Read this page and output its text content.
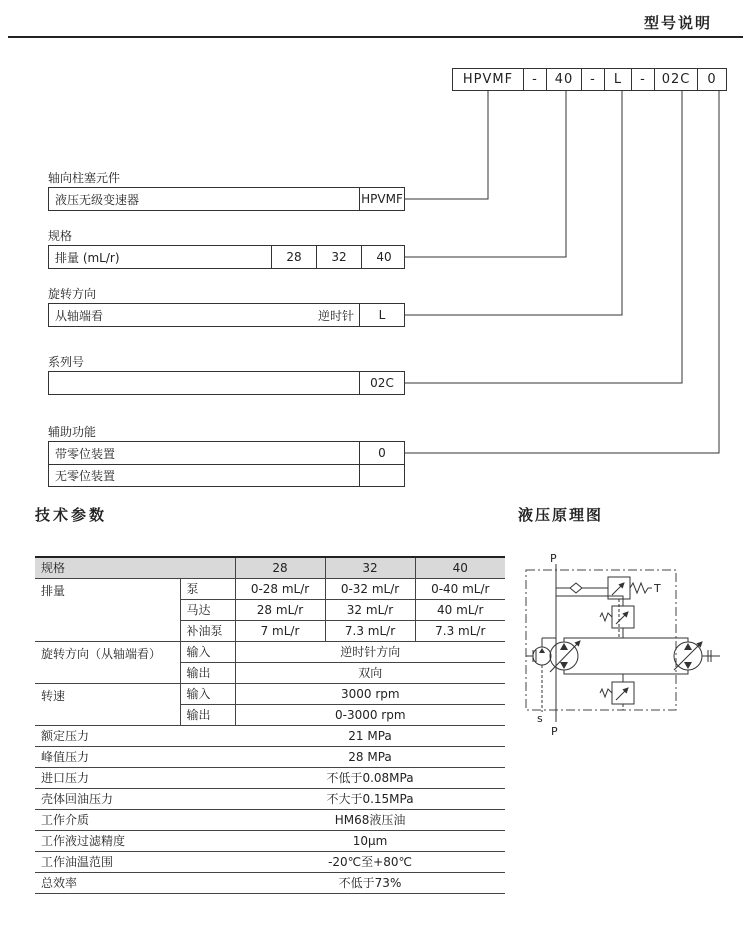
型号说明
HPVMF	-	40	-	L	-	02C	0
轴向柱塞元件
液压无级变速器	HPVMF
规格
排量 (mL/r)	28	32	40
旋转方向
从轴端看	逆时针	L
系列号
02C
辅助功能
带零位装置	0
无零位装置
技术参数	液压原理图
规格		28	32	40
排量	泵	0-28 mL/r	0-32 mL/r	0-40 mL/r
	马达	28 mL/r	32 mL/r	40 mL/r
	补油泵	7 mL/r	7.3 mL/r	7.3 mL/r
旋转方向（从轴端看）	输入	逆时针方向		
	输出	双向		
转速	输入	3000 rpm		
	输出	0-3000 rpm		
额定压力		21 MPa		
峰值压力		28 MPa		
进口压力		不低于0.08MPa		
壳体回油压力		不大于0.15MPa		
工作介质		HM68液压油		
工作液过滤精度		10μm		
工作油温范围		-20℃至+80℃		
总效率		不低于73%		
P
T
s
P
